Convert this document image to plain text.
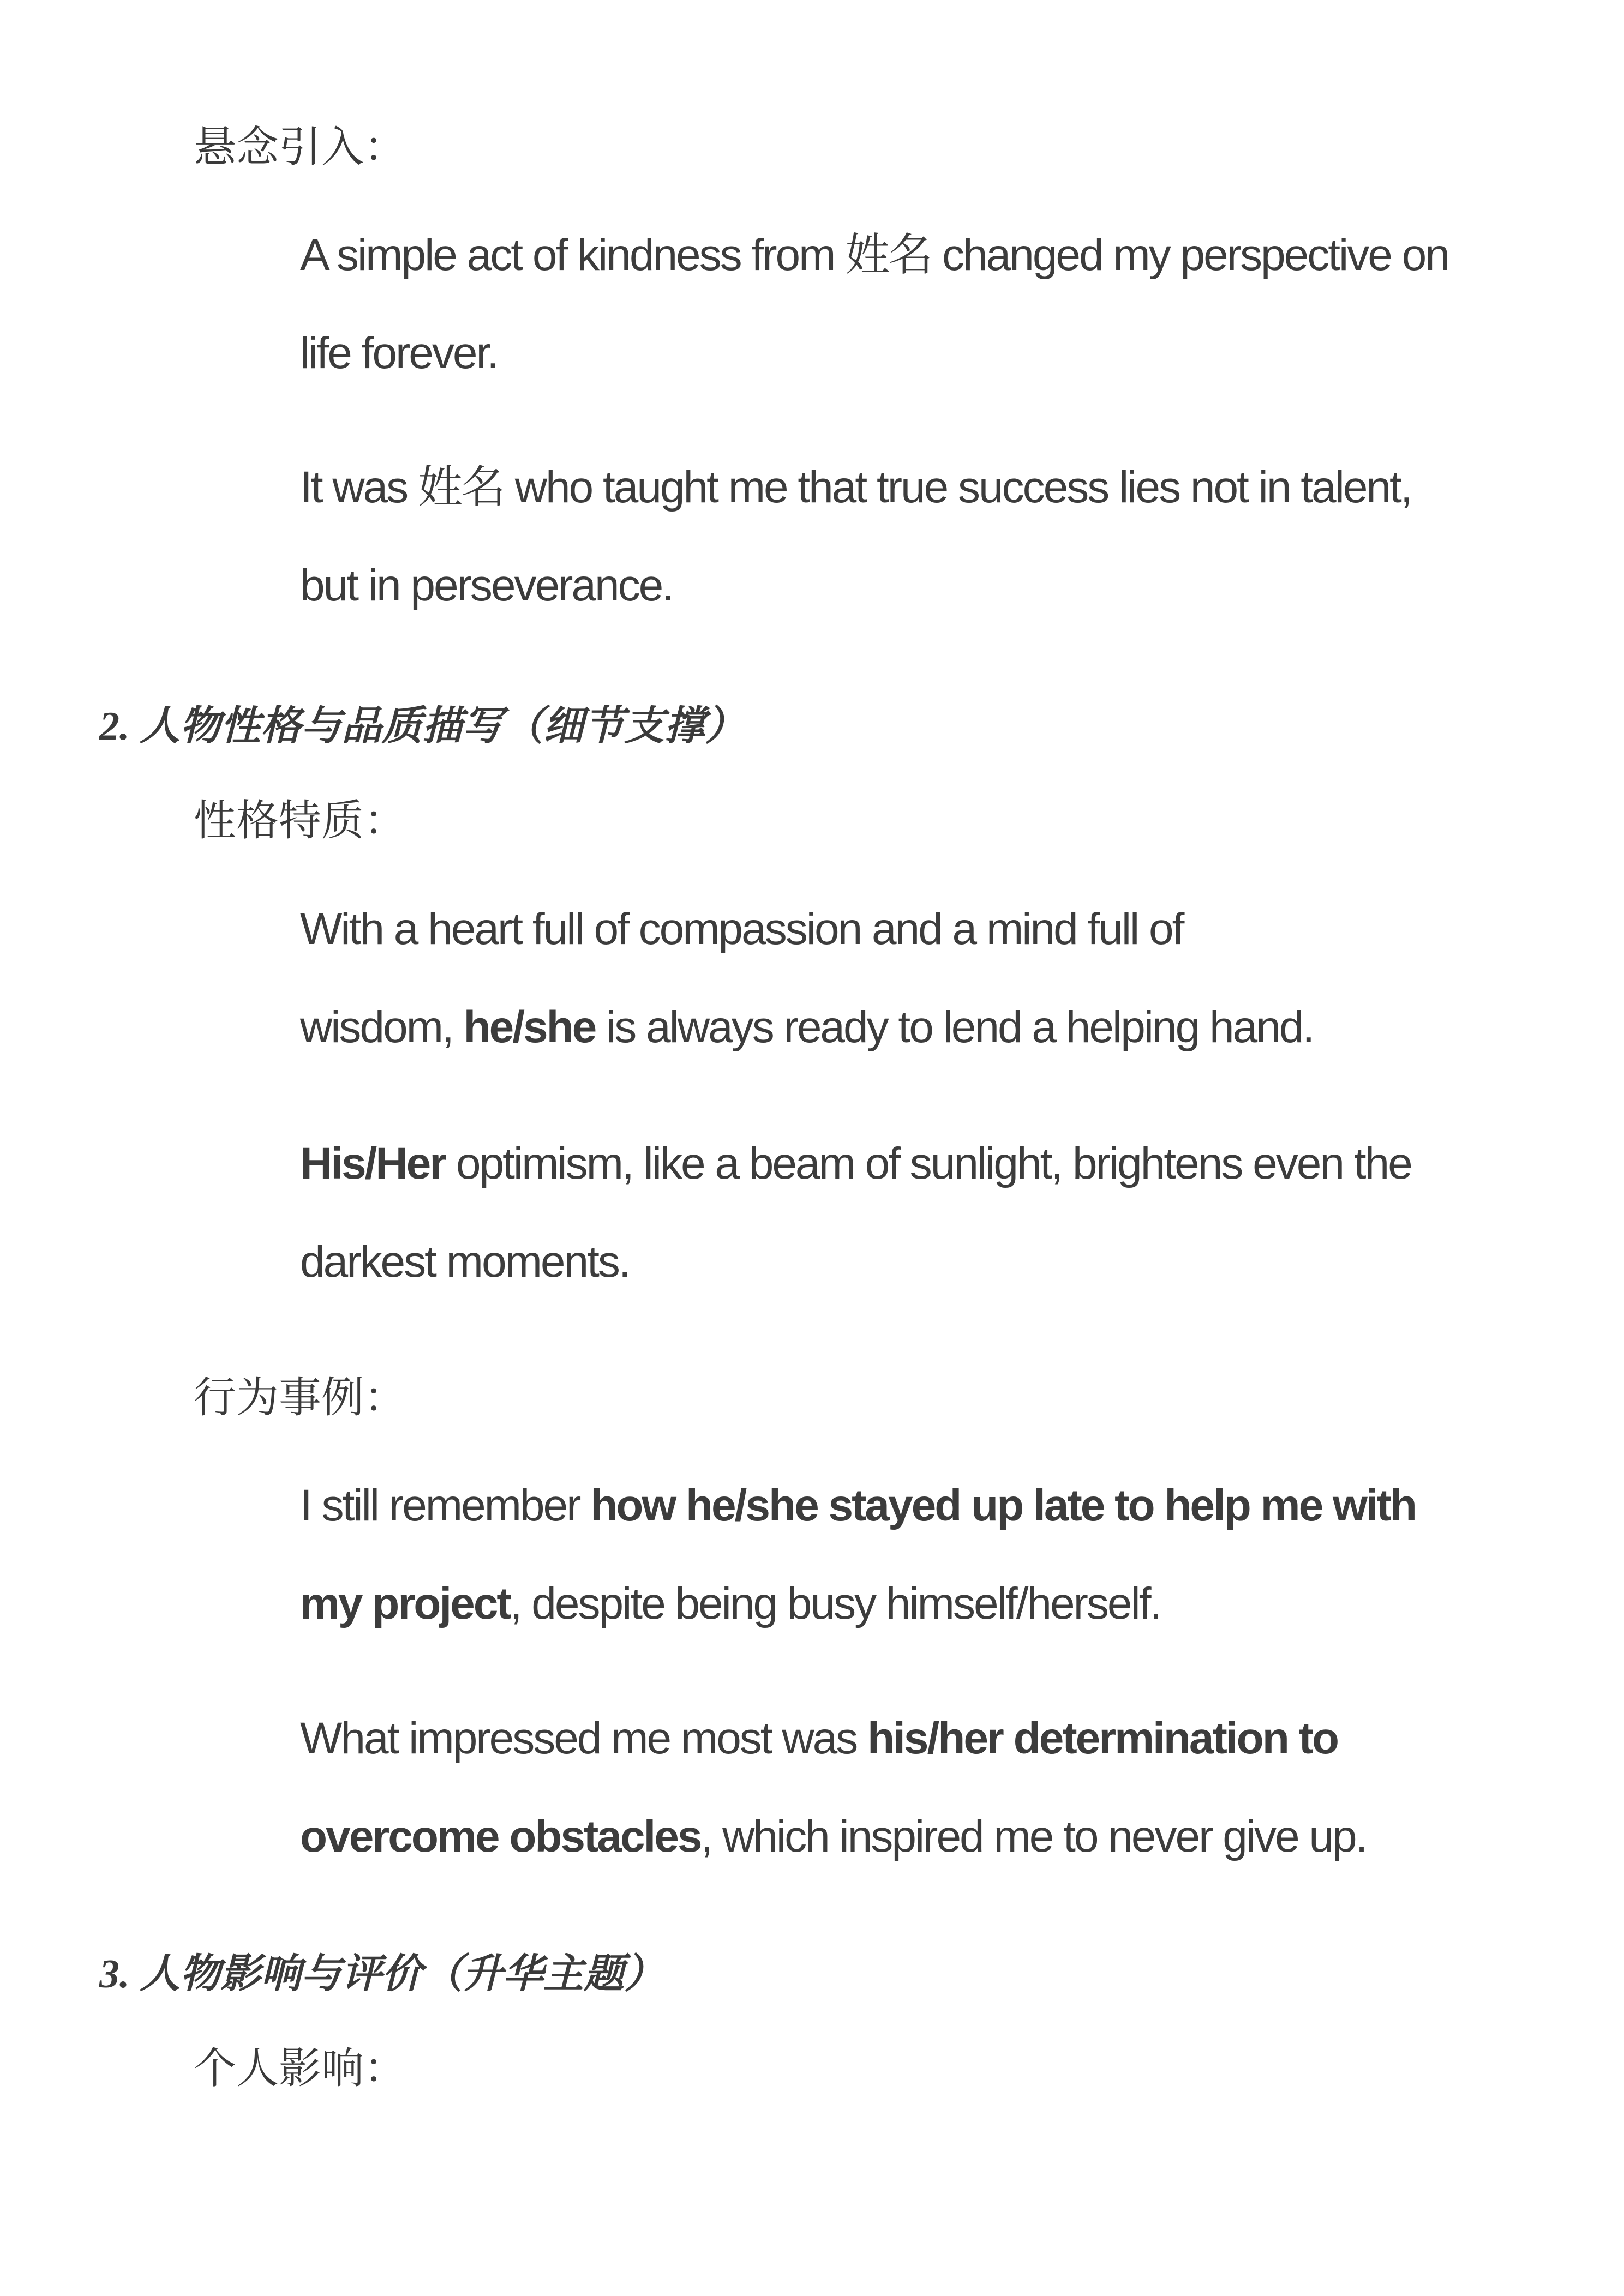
悬念引入：

A simple act of kindness from 姓名 changed my perspective on
life forever.

It was 姓名 who taught me that true success lies not in talent,
but in perseverance.

2. 人物性格与品质描写（细节支撑）
性格特质：

With a heart full of compassion and a mind full of
wisdom, he/she is always ready to lend a helping hand.

His/Her optimism, like a beam of sunlight, brightens even the
darkest moments.

行为事例：

I still remember how he/she stayed up late to help me with
my project, despite being busy himself/herself.

What impressed me most was his/her determination to
overcome obstacles, which inspired me to never give up.

3. 人物影响与评价（升华主题）
个人影响：
